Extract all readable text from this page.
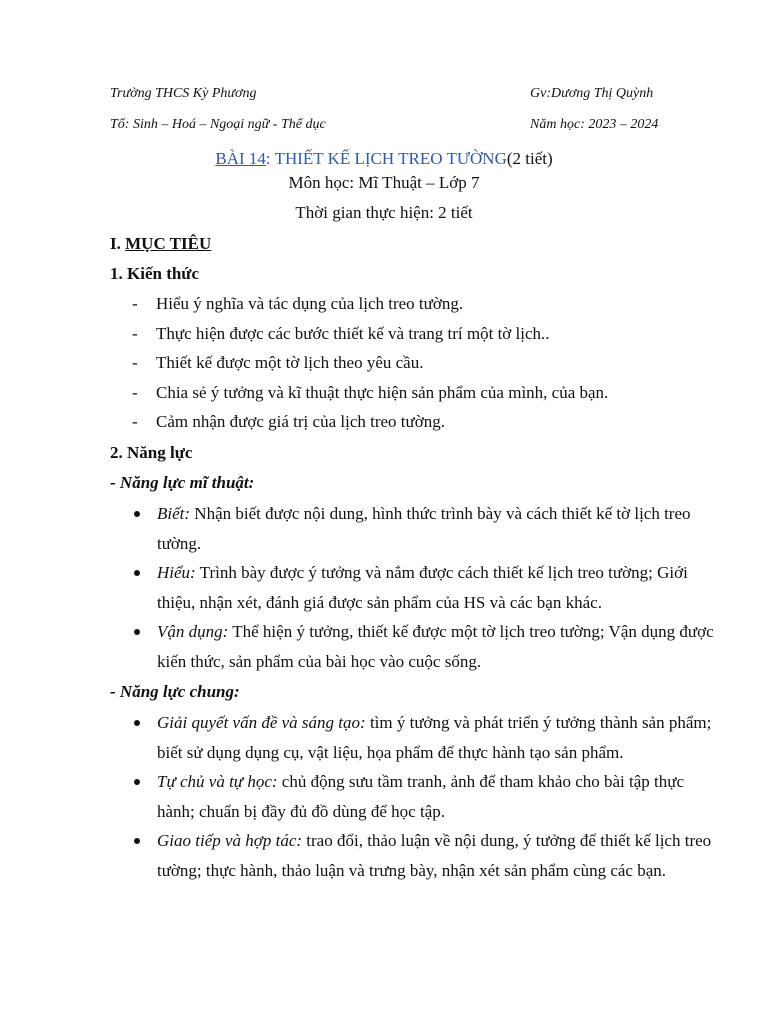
Trường THCS Kỳ Phương	Gv:Dương Thị Quỳnh
Tổ: Sinh – Hoá – Ngoại ngữ - Thể dục	Năm học: 2023 – 2024
BÀI 14: THIẾT KẾ LỊCH TREO TƯỜNG(2 tiết)
Môn học: Mĩ Thuật – Lớp 7
Thời gian thực hiện: 2 tiết
I. MỤC TIÊU
1. Kiến thức
- Hiểu ý nghĩa và tác dụng của lịch treo tường.
- Thực hiện được các bước thiết kế và trang trí một tờ lịch..
- Thiết kế được một tờ lịch theo yêu cầu.
- Chia sẻ ý tưởng và kĩ thuật thực hiện sản phẩm của mình, của bạn.
- Cảm nhận được giá trị của lịch treo tường.
2. Năng lực
- Năng lực mĩ thuật:
Biết: Nhận biết được nội dung, hình thức trình bày và cách thiết kế tờ lịch treo tường.
Hiểu: Trình bày được ý tưởng và nắm được cách thiết kế lịch treo tường; Giới thiệu, nhận xét, đánh giá được sản phẩm của HS và các bạn khác.
Vận dụng: Thể hiện ý tưởng, thiết kế được một tờ lịch treo tường; Vận dụng được kiến thức, sản phẩm của bài học vào cuộc sống.
- Năng lực chung:
Giải quyết vấn đề và sáng tạo: tìm ý tưởng và phát triển ý tưởng thành sản phẩm; biết sử dụng dụng cụ, vật liệu, họa phẩm để thực hành tạo sản phẩm.
Tự chủ và tự học: chủ động sưu tầm tranh, ảnh để tham khảo cho bài tập thực hành; chuẩn bị đầy đủ đồ dùng để học tập.
Giao tiếp và hợp tác: trao đổi, thảo luận về nội dung, ý tưởng để thiết kế lịch treo tường; thực hành, thảo luận và trưng bày, nhận xét sản phẩm cùng các bạn.
